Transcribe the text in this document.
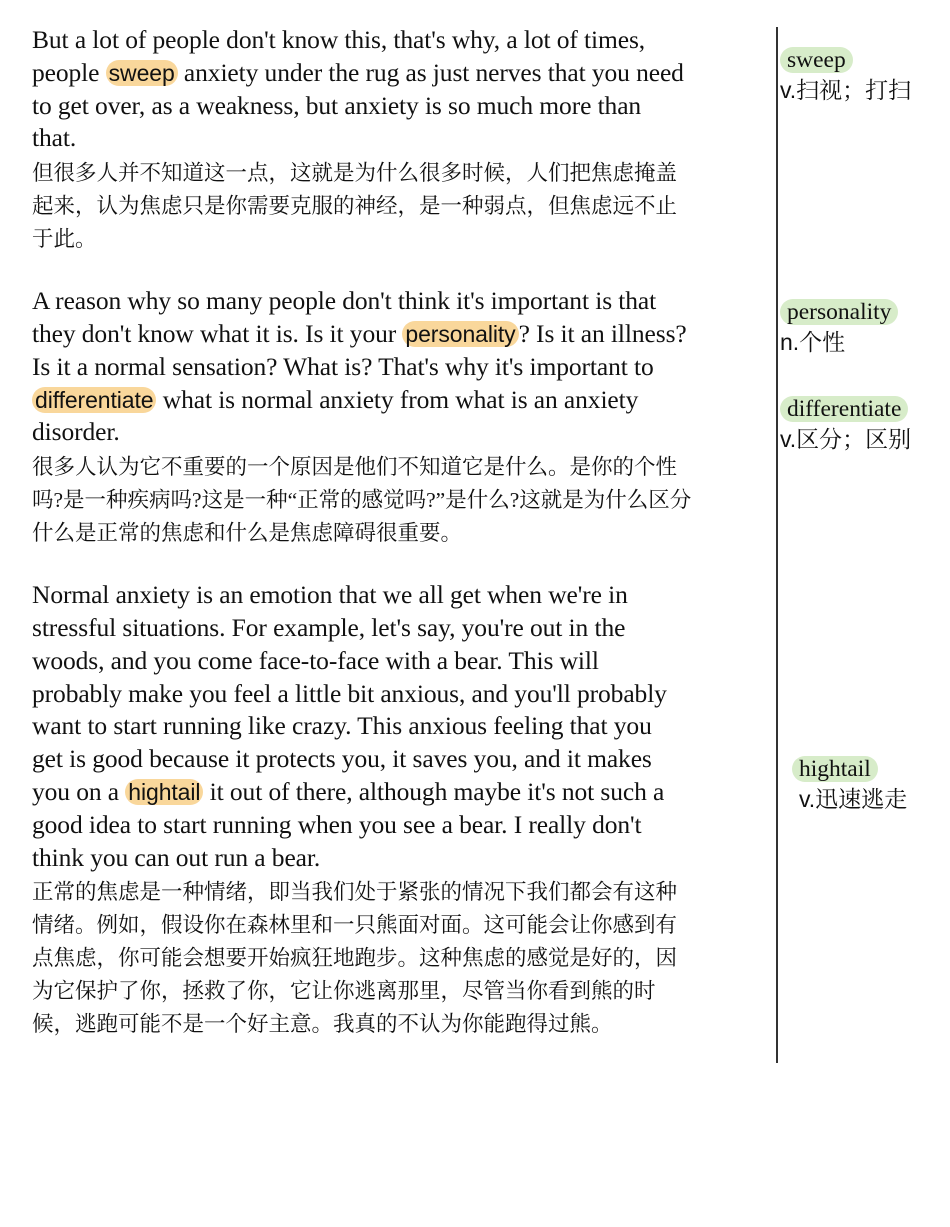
But a lot of people don't know this, that's why, a lot of times,
people sweep anxiety under the rug as just nerves that you need
to get over, as a weakness, but anxiety is so much more than
that.
但很多人并不知道这一点，这就是为什么很多时候，人们把焦虑掩盖
起来，认为焦虑只是你需要克服的神经，是一种弱点，但焦虑远不止
于此。
A reason why so many people don't think it's important is that
they don't know what it is. Is it your personality ? Is it an illness?
Is it a normal sensation? What is? That's why it's important to
differentiate what is normal anxiety from what is an anxiety
disorder.
很多人认为它不重要的一个原因是他们不知道它是什么。是你的个性
吗?是一种疾病吗?这是一种“正常的感觉吗?”是什么?这就是为什么区分
什么是正常的焦虑和什么是焦虑障碍很重要。
Normal anxiety is an emotion that we all get when we're in
stressful situations. For example, let's say, you're out in the
woods, and you come face-to-face with a bear. This will
probably make you feel a little bit anxious, and you'll probably
want to start running like crazy. This anxious feeling that you
get is good because it protects you, it saves you, and it makes
you on a hightail it out of there, although maybe it's not such a
good idea to start running when you see a bear. I really don't
think you can out run a bear.
正常的焦虑是一种情绪，即当我们处于紧张的情况下我们都会有这种
情绪。例如，假设你在森林里和一只熊面对面。这可能会让你感到有
点焦虑，你可能会想要开始疯狂地跑步。这种焦虑的感觉是好的，因
为它保护了你，拯救了你，它让你逃离那里，尽管当你看到熊的时
候，逃跑可能不是一个好主意。我真的不认为你能跑得过熊。
sweep
v.扫视；打扫
personality
n.个性
differentiate
v.区分；区别
hightail
v.迅速逃走
